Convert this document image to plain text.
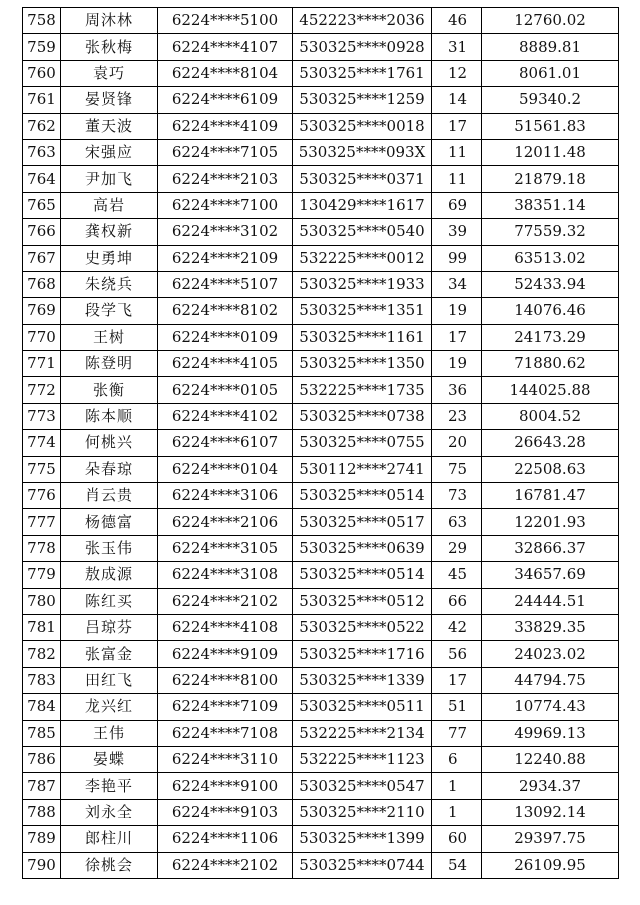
758	周沐林	6224****5100	452223****2036	46	12760.02
759	张秋梅	6224****4107	530325****0928	31	8889.81
760	袁巧	6224****8104	530325****1761	12	8061.01
761	晏贤锋	6224****6109	530325****1259	14	59340.2
762	董天波	6224****4109	530325****0018	17	51561.83
763	宋强应	6224****7105	530325****093X	11	12011.48
764	尹加飞	6224****2103	530325****0371	11	21879.18
765	高岩	6224****7100	130429****1617	69	38351.14
766	龚权新	6224****3102	530325****0540	39	77559.32
767	史勇坤	6224****2109	532225****0012	99	63513.02
768	朱绕兵	6224****5107	530325****1933	34	52433.94
769	段学飞	6224****8102	530325****1351	19	14076.46
770	王树	6224****0109	530325****1161	17	24173.29
771	陈登明	6224****4105	530325****1350	19	71880.62
772	张衡	6224****0105	532225****1735	36	144025.88
773	陈本顺	6224****4102	530325****0738	23	8004.52
774	何桃兴	6224****6107	530325****0755	20	26643.28
775	朵春琼	6224****0104	530112****2741	75	22508.63
776	肖云贵	6224****3106	530325****0514	73	16781.47
777	杨德富	6224****2106	530325****0517	63	12201.93
778	张玉伟	6224****3105	530325****0639	29	32866.37
779	敖成源	6224****3108	530325****0514	45	34657.69
780	陈红买	6224****2102	530325****0512	66	24444.51
781	吕琼芬	6224****4108	530325****0522	42	33829.35
782	张富金	6224****9109	530325****1716	56	24023.02
783	田红飞	6224****8100	530325****1339	17	44794.75
784	龙兴红	6224****7109	530325****0511	51	10774.43
785	王伟	6224****7108	532225****2134	77	49969.13
786	晏蝶	6224****3110	532225****1123	6	12240.88
787	李艳平	6224****9100	530325****0547	1	2934.37
788	刘永全	6224****9103	530325****2110	1	13092.14
789	郎柱川	6224****1106	530325****1399	60	29397.75
790	徐桃会	6224****2102	530325****0744	54	26109.95
